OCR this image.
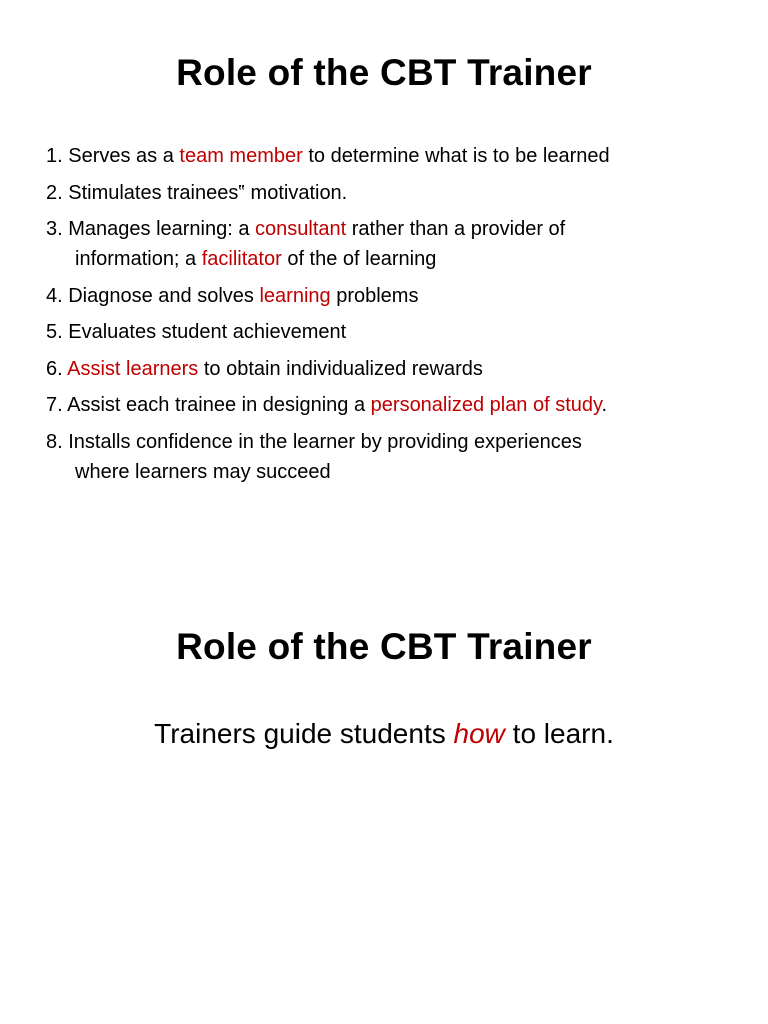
Role of the CBT Trainer
1. Serves as a team member to determine what is to be learned
2. Stimulates trainees‟ motivation.
3. Manages learning: a consultant rather than a provider of
information; a facilitator of the of learning
4. Diagnose and solves learning problems
5. Evaluates student achievement
6. Assist learners to obtain individualized rewards
7. Assist each trainee in designing a personalized plan of study.
8. Installs confidence in the learner by providing experiences
where learners may succeed
Role of the CBT Trainer

Trainers guide students how to learn.
